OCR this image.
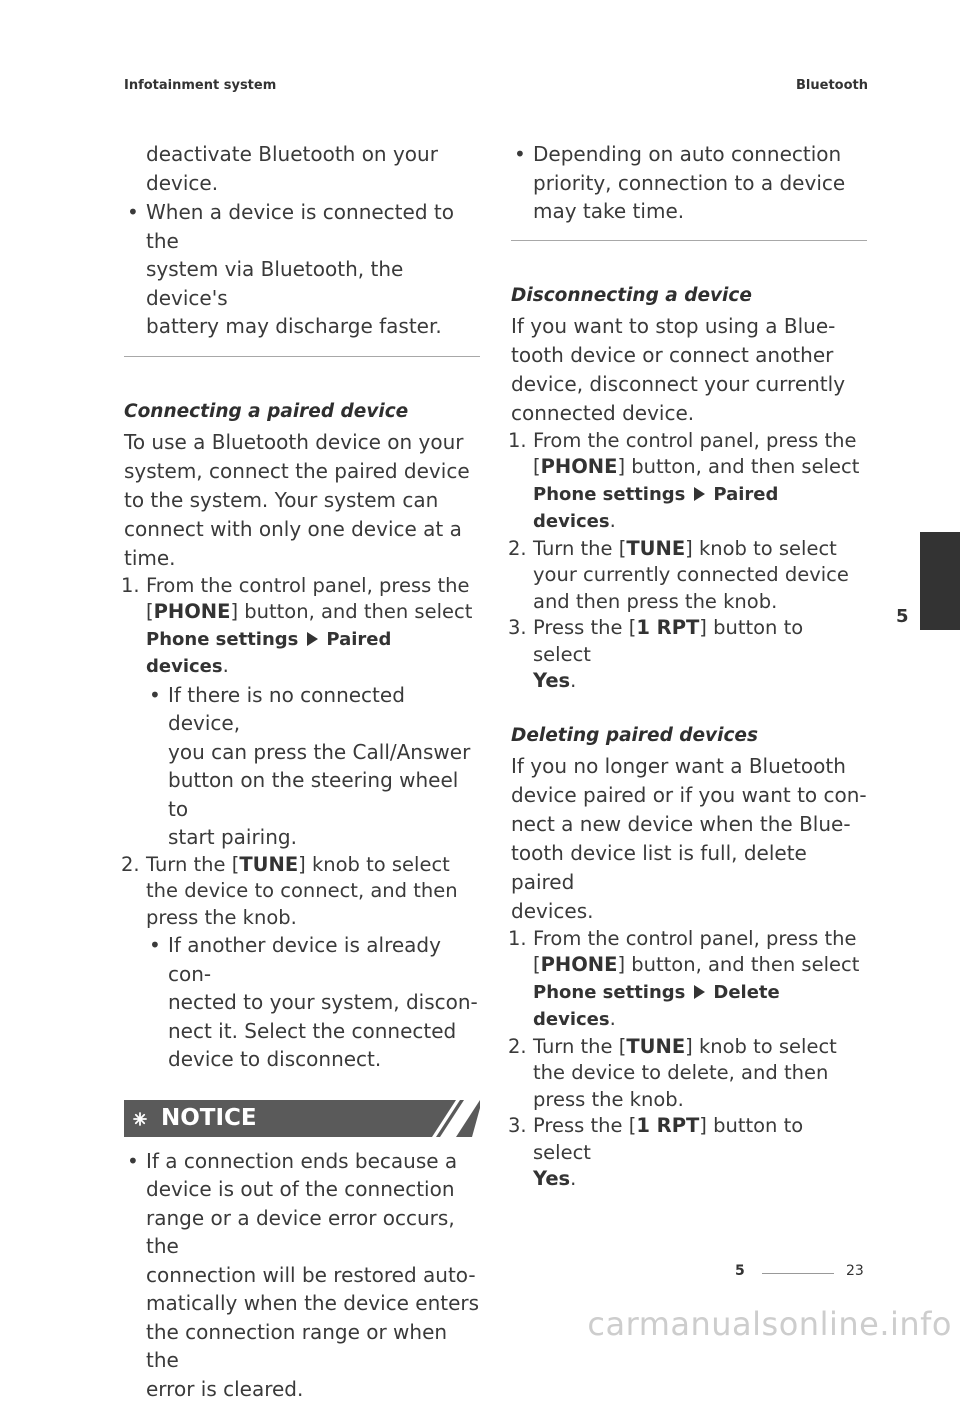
Infotainment system	Bluetooth

deactivate Bluetooth on your

device.

• When a device is connected to the

system via Bluetooth, the device's

battery may discharge faster.

Connecting a paired device

To use a Bluetooth device on your

system, connect the paired device

to the system. Your system can

connect with only one device at a

time.

1. From the control panel, press the

[PHONE] button, and then select

Phone settings Paired devices.

• If there is no connected device,

you can press the Call/Answer

button on the steering wheel to

start pairing.

2. Turn the [TUNE] knob to select

the device to connect, and then

press the knob.

• If another device is already con-

nected to your system, discon-

nect it. Select the connected

device to disconnect.

NOTICE
• If a connection ends because a

device is out of the connection

range or a device error occurs, the

connection will be restored auto-

matically when the device enters

the connection range or when the

error is cleared.

• Depending on auto connection

priority, connection to a device

may take time.

Disconnecting a device

If you want to stop using a Blue-

tooth device or connect another

device, disconnect your currently

connected device.

1. From the control panel, press the

[PHONE] button, and then select

Phone settings Paired devices.

2. Turn the [TUNE] knob to select

your currently connected device

and then press the knob.

3. Press the [1 RPT] button to select

Yes.

Deleting paired devices

If you no longer want a Bluetooth

device paired or if you want to con-

nect a new device when the Blue-

tooth device list is full, delete paired

devices.

1. From the control panel, press the

[PHONE] button, and then select

Phone settings Delete devices.

2. Turn the [TUNE] knob to select

the device to delete, and then

press the knob.

3. Press the [1 RPT] button to select

Yes.

5
5	23
carmanualsonline.info
